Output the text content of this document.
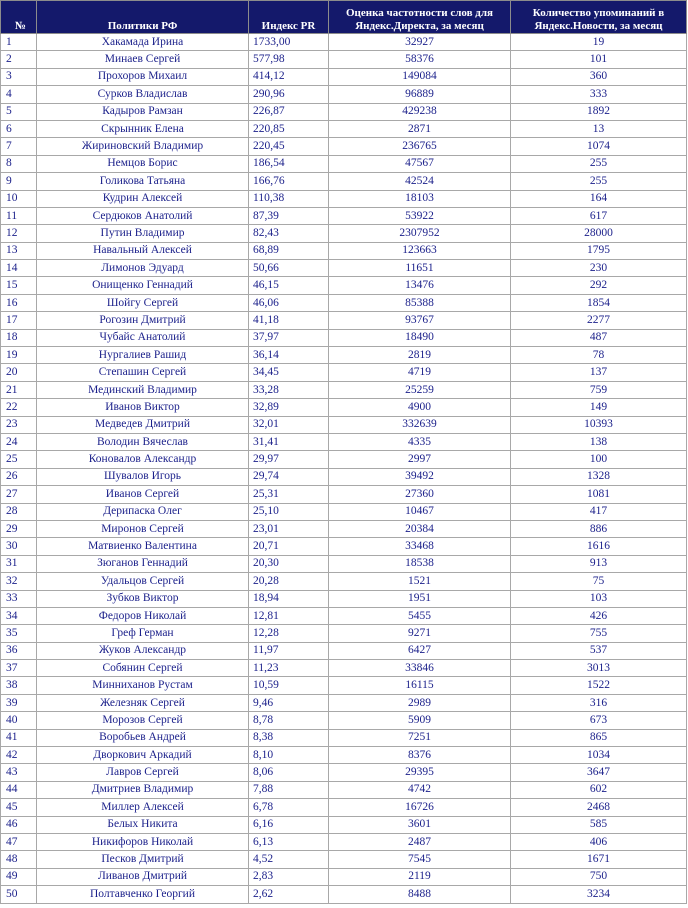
№	Политики РФ	Индекс PR	Оценка частотности слов для Яндекс.Директа, за месяц	Количество упоминаний в Яндекс.Новости, за месяц
1	Хакамада Ирина	1733,00	32927	19
2	Минаев Сергей	577,98	58376	101
3	Прохоров Михаил	414,12	149084	360
4	Сурков Владислав	290,96	96889	333
5	Кадыров Рамзан	226,87	429238	1892
6	Скрынник Елена	220,85	2871	13
7	Жириновский Владимир	220,45	236765	1074
8	Немцов Борис	186,54	47567	255
9	Голикова Татьяна	166,76	42524	255
10	Кудрин Алексей	110,38	18103	164
11	Сердюков Анатолий	87,39	53922	617
12	Путин Владимир	82,43	2307952	28000
13	Навальный Алексей	68,89	123663	1795
14	Лимонов Эдуард	50,66	11651	230
15	Онищенко Геннадий	46,15	13476	292
16	Шойгу Сергей	46,06	85388	1854
17	Рогозин Дмитрий	41,18	93767	2277
18	Чубайс Анатолий	37,97	18490	487
19	Нургалиев Рашид	36,14	2819	78
20	Степашин Сергей	34,45	4719	137
21	Мединский Владимир	33,28	25259	759
22	Иванов Виктор	32,89	4900	149
23	Медведев Дмитрий	32,01	332639	10393
24	Володин Вячеслав	31,41	4335	138
25	Коновалов Александр	29,97	2997	100
26	Шувалов Игорь	29,74	39492	1328
27	Иванов Сергей	25,31	27360	1081
28	Дерипаска Олег	25,10	10467	417
29	Миронов Сергей	23,01	20384	886
30	Матвиенко Валентина	20,71	33468	1616
31	Зюганов Геннадий	20,30	18538	913
32	Удальцов Сергей	20,28	1521	75
33	Зубков Виктор	18,94	1951	103
34	Федоров Николай	12,81	5455	426
35	Греф Герман	12,28	9271	755
36	Жуков Александр	11,97	6427	537
37	Собянин Сергей	11,23	33846	3013
38	Минниханов Рустам	10,59	16115	1522
39	Железняк Сергей	9,46	2989	316
40	Морозов Сергей	8,78	5909	673
41	Воробьев Андрей	8,38	7251	865
42	Дворкович Аркадий	8,10	8376	1034
43	Лавров Сергей	8,06	29395	3647
44	Дмитриев Владимир	7,88	4742	602
45	Миллер Алексей	6,78	16726	2468
46	Белых Никита	6,16	3601	585
47	Никифоров Николай	6,13	2487	406
48	Песков Дмитрий	4,52	7545	1671
49	Ливанов Дмитрий	2,83	2119	750
50	Полтавченко Георгий	2,62	8488	3234
